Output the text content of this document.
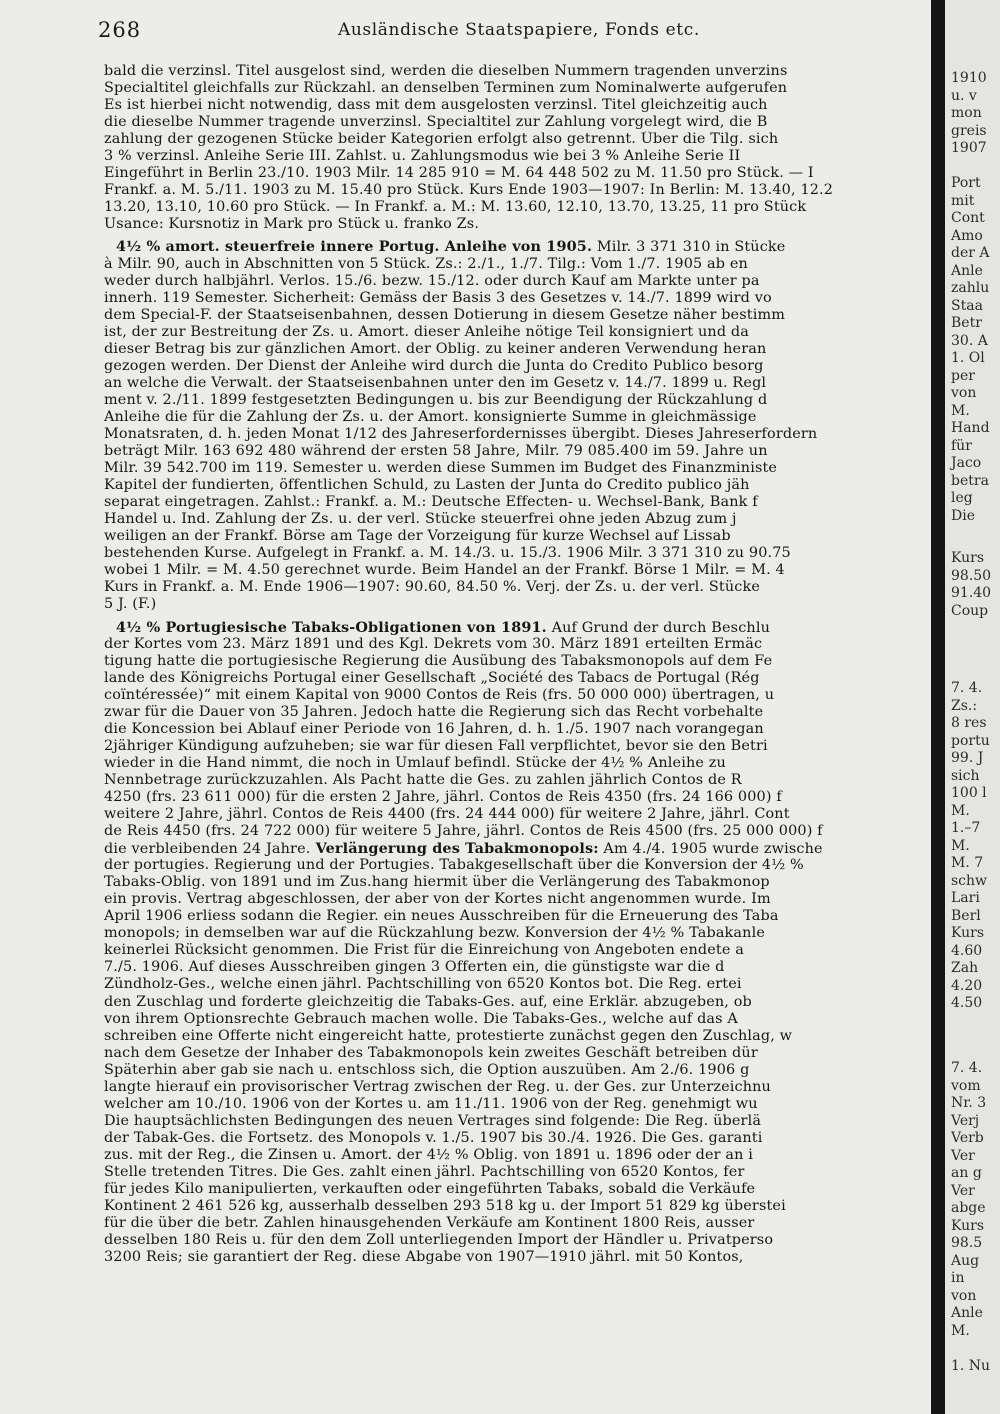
268	Ausländische Staatspapiere, Fonds etc.
bald die verzinsl. Titel ausgelost sind, werden die dieselben Nummern tragenden unverzins
Specialtitel gleichfalls zur Rückzahl. an denselben Terminen zum Nominalwerte aufgerufen
Es ist hierbei nicht notwendig, dass mit dem ausgelosten verzinsl. Titel gleichzeitig auch
die dieselbe Nummer tragende unverzinsl. Specialtitel zur Zahlung vorgelegt wird, die B
zahlung der gezogenen Stücke beider Kategorien erfolgt also getrennt. Über die Tilg. sich
3 % verzinsl. Anleihe Serie III. Zahlst. u. Zahlungsmodus wie bei 3 % Anleihe Serie II
Eingeführt in Berlin 23./10. 1903 Milr. 14 285 910 = M. 64 448 502 zu M. 11.50 pro Stück. — I
Frankf. a. M. 5./11. 1903 zu M. 15.40 pro Stück. Kurs Ende 1903—1907: In Berlin: M. 13.40, 12.2
13.20, 13.10, 10.60 pro Stück. — In Frankf. a. M.: M. 13.60, 12.10, 13.70, 13.25, 11 pro Stück
Usance: Kursnotiz in Mark pro Stück u. franko Zs.
4½ % amort. steuerfreie innere Portug. Anleihe von 1905. Milr. 3 371 310 in Stücke
à Milr. 90, auch in Abschnitten von 5 Stück. Zs.: 2./1., 1./7. Tilg.: Vom 1./7. 1905 ab en
weder durch halbjährl. Verlos. 15./6. bezw. 15./12. oder durch Kauf am Markte unter pa
innerh. 119 Semester. Sicherheit: Gemäss der Basis 3 des Gesetzes v. 14./7. 1899 wird vo
dem Special-F. der Staatseisenbahnen, dessen Dotierung in diesem Gesetze näher bestimm
ist, der zur Bestreitung der Zs. u. Amort. dieser Anleihe nötige Teil konsigniert und da
dieser Betrag bis zur gänzlichen Amort. der Oblig. zu keiner anderen Verwendung heran
gezogen werden. Der Dienst der Anleihe wird durch die Junta do Credito Publico besorg
an welche die Verwalt. der Staatseisenbahnen unter den im Gesetz v. 14./7. 1899 u. Regl
ment v. 2./11. 1899 festgesetzten Bedingungen u. bis zur Beendigung der Rückzahlung d
Anleihe die für die Zahlung der Zs. u. der Amort. konsignierte Summe in gleichmässige
Monatsraten, d. h. jeden Monat 1/12 des Jahreserfordernisses übergibt. Dieses Jahreserfordern
beträgt Milr. 163 692 480 während der ersten 58 Jahre, Milr. 79 085.400 im 59. Jahre un
Milr. 39 542.700 im 119. Semester u. werden diese Summen im Budget des Finanzministe
Kapitel der fundierten, öffentlichen Schuld, zu Lasten der Junta do Credito publico jäh
separat eingetragen. Zahlst.: Frankf. a. M.: Deutsche Effecten- u. Wechsel-Bank, Bank f
Handel u. Ind. Zahlung der Zs. u. der verl. Stücke steuerfrei ohne jeden Abzug zum j
weiligen an der Frankf. Börse am Tage der Vorzeigung für kurze Wechsel auf Lissab
bestehenden Kurse. Aufgelegt in Frankf. a. M. 14./3. u. 15./3. 1906 Milr. 3 371 310 zu 90.75
wobei 1 Milr. = M. 4.50 gerechnet wurde. Beim Handel an der Frankf. Börse 1 Milr. = M. 4
Kurs in Frankf. a. M. Ende 1906—1907: 90.60, 84.50 %. Verj. der Zs. u. der verl. Stücke
5 J. (F.)
4½ % Portugiesische Tabaks-Obligationen von 1891. Auf Grund der durch Beschlu
der Kortes vom 23. März 1891 und des Kgl. Dekrets vom 30. März 1891 erteilten Ermäc
tigung hatte die portugiesische Regierung die Ausübung des Tabaksmonopols auf dem Fe
lande des Königreichs Portugal einer Gesellschaft „Société des Tabacs de Portugal (Rég
coïntéressée)“ mit einem Kapital von 9000 Contos de Reis (frs. 50 000 000) übertragen, u
zwar für die Dauer von 35 Jahren. Jedoch hatte die Regierung sich das Recht vorbehalte
die Koncession bei Ablauf einer Periode von 16 Jahren, d. h. 1./5. 1907 nach vorangegan
2jähriger Kündigung aufzuheben; sie war für diesen Fall verpflichtet, bevor sie den Betri
wieder in die Hand nimmt, die noch in Umlauf befindl. Stücke der 4½ % Anleihe zu
Nennbetrage zurückzuzahlen. Als Pacht hatte die Ges. zu zahlen jährlich Contos de R
4250 (frs. 23 611 000) für die ersten 2 Jahre, jährl. Contos de Reis 4350 (frs. 24 166 000) f
weitere 2 Jahre, jährl. Contos de Reis 4400 (frs. 24 444 000) für weitere 2 Jahre, jährl. Cont
de Reis 4450 (frs. 24 722 000) für weitere 5 Jahre, jährl. Contos de Reis 4500 (frs. 25 000 000) f
die verbleibenden 24 Jahre. Verlängerung des Tabakmonopols: Am 4./4. 1905 wurde zwische
der portugies. Regierung und der Portugies. Tabakgesellschaft über die Konversion der 4½ %
Tabaks-Oblig. von 1891 und im Zus.hang hiermit über die Verlängerung des Tabakmonop
ein provis. Vertrag abgeschlossen, der aber von der Kortes nicht angenommen wurde. Im
April 1906 erliess sodann die Regier. ein neues Ausschreiben für die Erneuerung des Taba
monopols; in demselben war auf die Rückzahlung bezw. Konversion der 4½ % Tabakanle
keinerlei Rücksicht genommen. Die Frist für die Einreichung von Angeboten endete a
7./5. 1906. Auf dieses Ausschreiben gingen 3 Offerten ein, die günstigste war die d
Zündholz-Ges., welche einen jährl. Pachtschilling von 6520 Kontos bot. Die Reg. ertei
den Zuschlag und forderte gleichzeitig die Tabaks-Ges. auf, eine Erklär. abzugeben, ob
von ihrem Optionsrechte Gebrauch machen wolle. Die Tabaks-Ges., welche auf das A
schreiben eine Offerte nicht eingereicht hatte, protestierte zunächst gegen den Zuschlag, w
nach dem Gesetze der Inhaber des Tabakmonopols kein zweites Geschäft betreiben dür
Späterhin aber gab sie nach u. entschloss sich, die Option auszuüben. Am 2./6. 1906 g
langte hierauf ein provisorischer Vertrag zwischen der Reg. u. der Ges. zur Unterzeichnu
welcher am 10./10. 1906 von der Kortes u. am 11./11. 1906 von der Reg. genehmigt wu
Die hauptsächlichsten Bedingungen des neuen Vertrages sind folgende: Die Reg. überlä
der Tabak-Ges. die Fortsetz. des Monopols v. 1./5. 1907 bis 30./4. 1926. Die Ges. garanti
zus. mit der Reg., die Zinsen u. Amort. der 4½ % Oblig. von 1891 u. 1896 oder der an i
Stelle tretenden Titres. Die Ges. zahlt einen jährl. Pachtschilling von 6520 Kontos, fer
für jedes Kilo manipulierten, verkauften oder eingeführten Tabaks, sobald die Verkäufe
Kontinent 2 461 526 kg, ausserhalb desselben 293 518 kg u. der Import 51 829 kg überstei
für die über die betr. Zahlen hinausgehenden Verkäufe am Kontinent 1800 Reis, ausser
desselben 180 Reis u. für den dem Zoll unterliegenden Import der Händler u. Privatperso
3200 Reis; sie garantiert der Reg. diese Abgabe von 1907—1910 jährl. mit 50 Kontos,
1910
u. v
mon
greis
1907
Port
mit
Cont
Amo
der A
Anle
zahlu
Staa
Betr
30. A
1. Ol
per
von
M.
Hand
für
Jaco
betra
leg
Die
Kurs
98.50
91.40
Coup
7. 4.
Zs.:
8 res
portu
99. J
sich
100 l
M.
1.–7
M.
M. 7
schw
Lari
Berl
Kurs
4.60
Zah
4.20
4.50
7. 4.
vom
Nr. 3
Verj
Verb
Ver
an g
Ver
abge
Kurs
98.5
Aug
in
von
Anle
M.
1. Nu
